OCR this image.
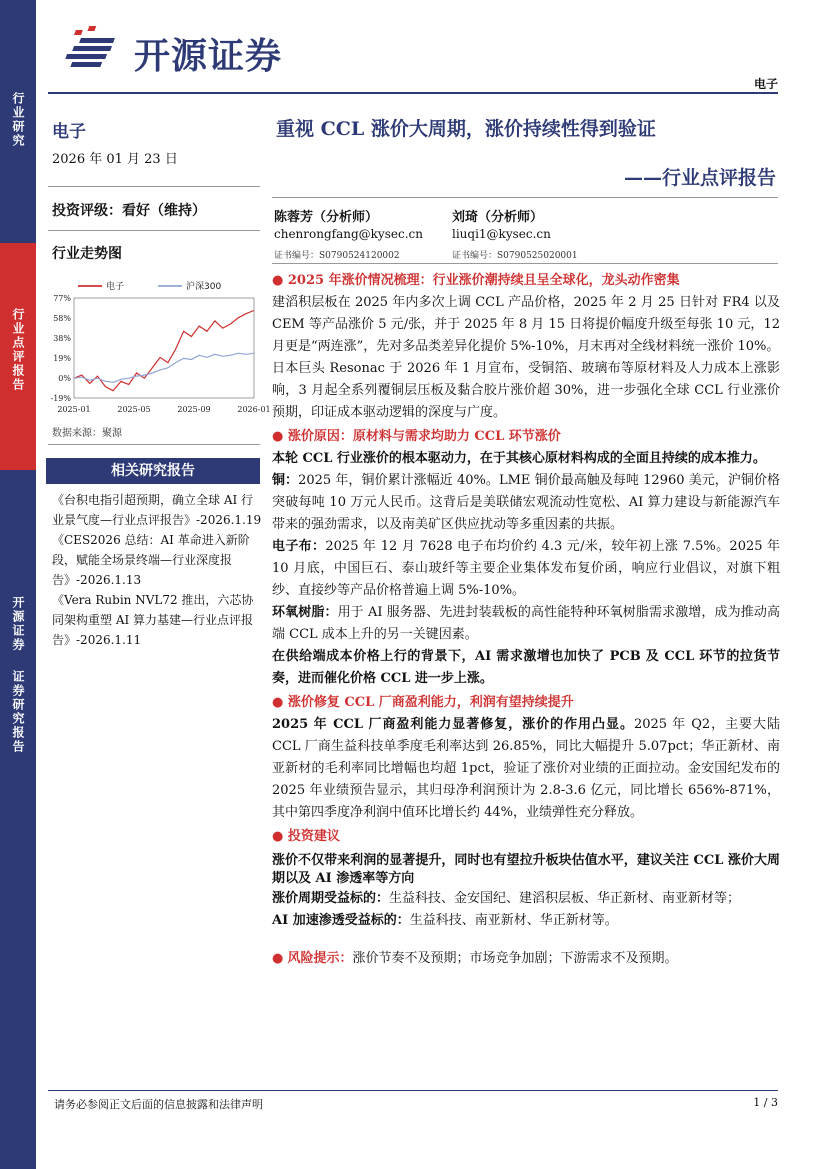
行业研究
行业点评报告
开源证券
证券研究报告
开源证券
电子
电子
2026 年 01 月 23 日
投资评级：看好（维持）
行业走势图
77%
58%
38%
19%
0%
-19%
2025-01	2025-05	2025-09	2026-01
电子	沪深300
数据来源：聚源
相关研究报告
《台积电指引超预期，确立全球 AI 行业景气度—行业点评报告》-2026.1.19
《CES2026 总结：AI 革命进入新阶段，赋能全场景终端—行业深度报告》-2026.1.13
《Vera Rubin NVL72 推出，六芯协同架构重塑 AI 算力基建—行业点评报告》-2026.1.11
重视 CCL 涨价大周期，涨价持续性得到验证
——行业点评报告
陈蓉芳（分析师）
chenrongfang@kysec.cn
证书编号：S0790524120002
刘琦（分析师）
liuqi1@kysec.cn
证书编号：S0790525020001

● 2025 年涨价情况梳理：行业涨价潮持续且呈全球化，龙头动作密集

建滔积层板在 2025 年内多次上调 CCL 产品价格，2025 年 2 月 25 日针对 FR4 以及 CEM 等产品涨价 5 元/张，并于 2025 年 8 月 15 日将提价幅度升级至每张 10 元，12 月更是“两连涨”，先对多品类差异化提价 5%-10%，月末再对全线材料统一涨价 10%。

日本巨头 Resonac 于 2026 年 1 月宣布，受铜箔、玻璃布等原材料及人力成本上涨影响，3 月起全系列覆铜层压板及黏合胶片涨价超 30%，进一步强化全球 CCL 行业涨价预期，印证成本驱动逻辑的深度与广度。

● 涨价原因：原材料与需求均助力 CCL 环节涨价

本轮 CCL 行业涨价的根本驱动力，在于其核心原材料构成的全面且持续的成本推力。

铜：2025 年，铜价累计涨幅近 40%。LME 铜价最高触及每吨 12960 美元，沪铜价格突破每吨 10 万元人民币。这背后是美联储宏观流动性宽松、AI 算力建设与新能源汽车带来的强劲需求，以及南美矿区供应扰动等多重因素的共振。

电子布：2025 年 12 月 7628 电子布均价约 4.3 元/米，较年初上涨 7.5%。2025 年 10 月底，中国巨石、泰山玻纤等主要企业集体发布复价函，响应行业倡议，对旗下粗纱、直接纱等产品价格普遍上调 5%-10%。

环氧树脂：用于 AI 服务器、先进封装载板的高性能特种环氧树脂需求激增，成为推动高端 CCL 成本上升的另一关键因素。

在供给端成本价格上行的背景下，AI 需求激增也加快了 PCB 及 CCL 环节的拉货节奏，进而催化价格 CCL 进一步上涨。

● 涨价修复 CCL 厂商盈利能力，利润有望持续提升

2025 年 CCL 厂商盈利能力显著修复，涨价的作用凸显。2025 年 Q2，主要大陆 CCL 厂商生益科技单季度毛利率达到 26.85%，同比大幅提升 5.07pct；华正新材、南亚新材的毛利率同比增幅也均超 1pct，验证了涨价对业绩的正面拉动。金安国纪发布的 2025 年业绩预告显示，其归母净利润预计为 2.8-3.6 亿元，同比增长 656%-871%，其中第四季度净利润中值环比增长约 44%，业绩弹性充分释放。

● 投资建议

涨价不仅带来利润的显著提升，同时也有望拉升板块估值水平，建议关注 CCL 涨价大周期以及 AI 渗透率等方向

涨价周期受益标的：生益科技、金安国纪、建滔积层板、华正新材、南亚新材等；

AI 加速渗透受益标的：生益科技、南亚新材、华正新材等。

● 风险提示：涨价节奏不及预期；市场竞争加剧；下游需求不及预期。

请务必参阅正文后面的信息披露和法律声明	1 / 3
